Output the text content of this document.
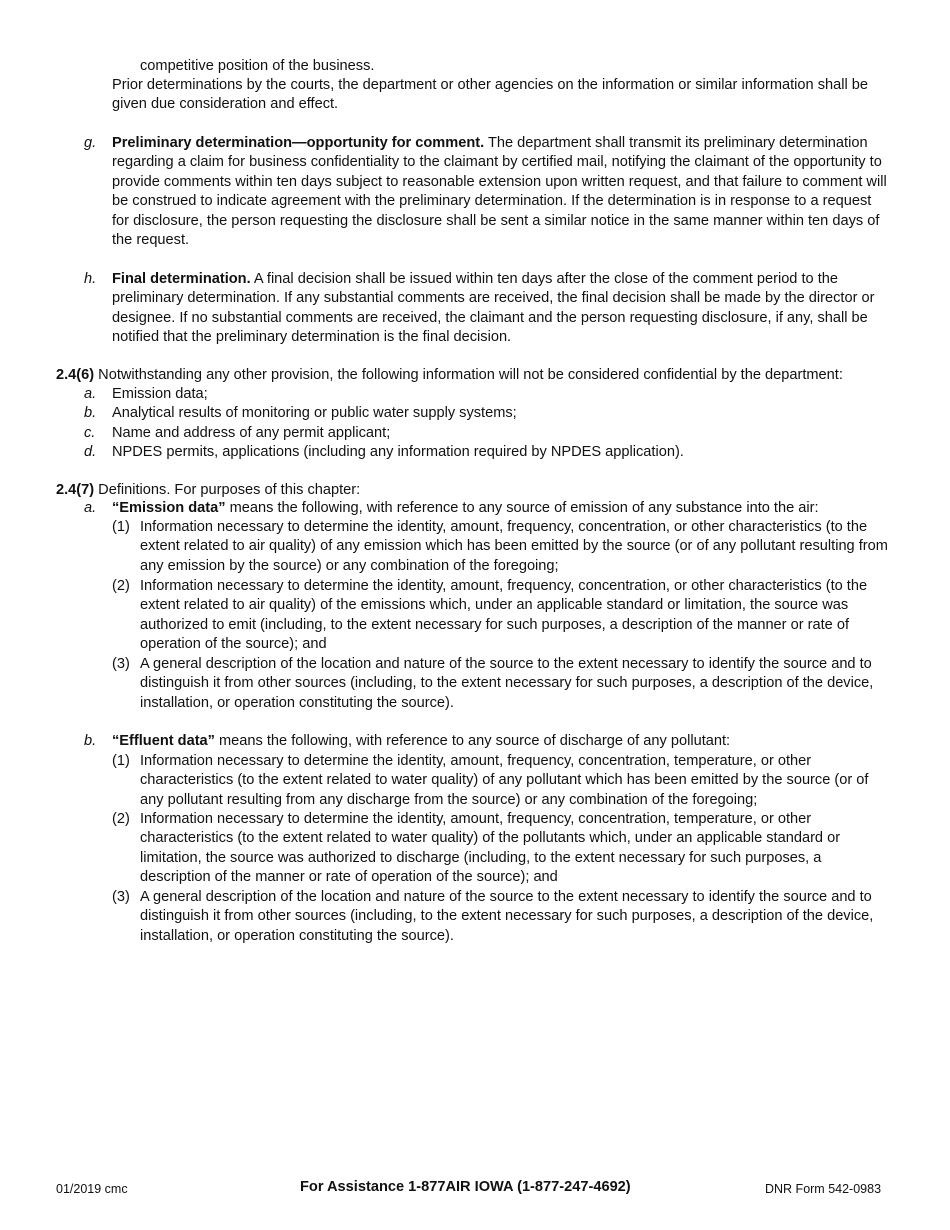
competitive position of the business.
Prior determinations by the courts, the department or other agencies on the information or similar information shall be given due consideration and effect.
g. Preliminary determination—opportunity for comment. The department shall transmit its preliminary determination regarding a claim for business confidentiality to the claimant by certified mail, notifying the claimant of the opportunity to provide comments within ten days subject to reasonable extension upon written request, and that failure to comment will be construed to indicate agreement with the preliminary determination. If the determination is in response to a request for disclosure, the person requesting the disclosure shall be sent a similar notice in the same manner within ten days of the request.
h. Final determination. A final decision shall be issued within ten days after the close of the comment period to the preliminary determination. If any substantial comments are received, the final decision shall be made by the director or designee. If no substantial comments are received, the claimant and the person requesting disclosure, if any, shall be notified that the preliminary determination is the final decision.
2.4(6) Notwithstanding any other provision, the following information will not be considered confidential by the department:
a. Emission data;
b. Analytical results of monitoring or public water supply systems;
c. Name and address of any permit applicant;
d. NPDES permits, applications (including any information required by NPDES application).
2.4(7) Definitions. For purposes of this chapter:
a. “Emission data” means the following, with reference to any source of emission of any substance into the air:
(1) Information necessary to determine the identity, amount, frequency, concentration, or other characteristics (to the extent related to air quality) of any emission which has been emitted by the source (or of any pollutant resulting from any emission by the source) or any combination of the foregoing;
(2) Information necessary to determine the identity, amount, frequency, concentration, or other characteristics (to the extent related to air quality) of the emissions which, under an applicable standard or limitation, the source was authorized to emit (including, to the extent necessary for such purposes, a description of the manner or rate of operation of the source); and
(3) A general description of the location and nature of the source to the extent necessary to identify the source and to distinguish it from other sources (including, to the extent necessary for such purposes, a description of the device, installation, or operation constituting the source).
b. “Effluent data” means the following, with reference to any source of discharge of any pollutant:
(1) Information necessary to determine the identity, amount, frequency, concentration, temperature, or other characteristics (to the extent related to water quality) of any pollutant which has been emitted by the source (or of any pollutant resulting from any discharge from the source) or any combination of the foregoing;
(2) Information necessary to determine the identity, amount, frequency, concentration, temperature, or other characteristics (to the extent related to water quality) of the pollutants which, under an applicable standard or limitation, the source was authorized to discharge (including, to the extent necessary for such purposes, a description of the manner or rate of operation of the source); and
(3) A general description of the location and nature of the source to the extent necessary to identify the source and to distinguish it from other sources (including, to the extent necessary for such purposes, a description of the device, installation, or operation constituting the source).
01/2019 cmc	For Assistance 1-877AIR IOWA (1-877-247-4692)	DNR Form 542-0983
